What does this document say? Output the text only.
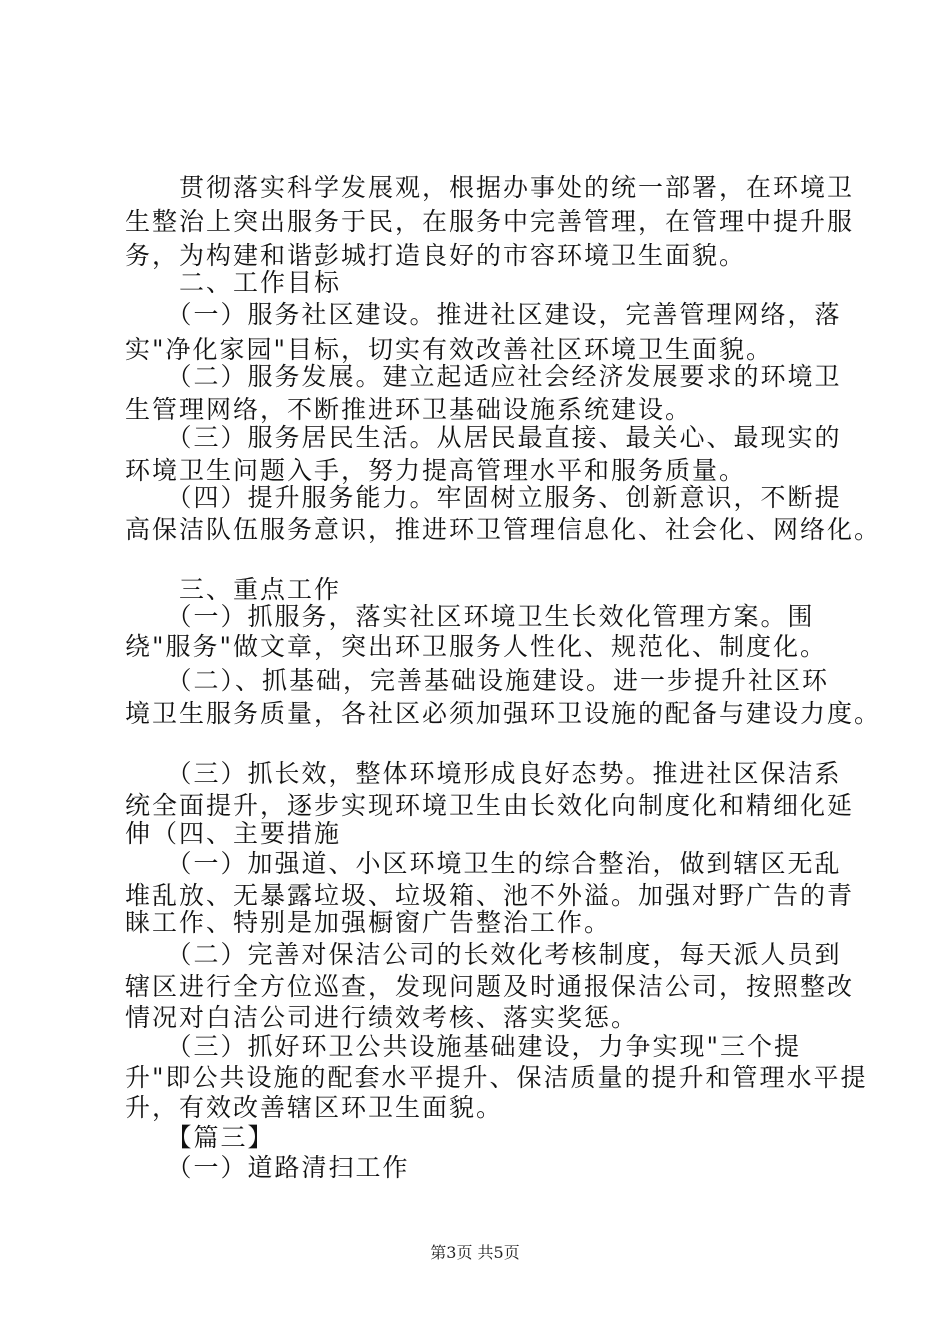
　　贯彻落实科学发展观，根据办事处的统一部署，在环境卫
生整治上突出服务于民，在服务中完善管理，在管理中提升服
务，为构建和谐彭城打造良好的市容环境卫生面貌。
　　二、工作目标
　　（一）服务社区建设。推进社区建设，完善管理网络，落
实"净化家园"目标，切实有效改善社区环境卫生面貌。
　　（二）服务发展。建立起适应社会经济发展要求的环境卫
生管理网络，不断推进环卫基础设施系统建设。
　　（三）服务居民生活。从居民最直接、最关心、最现实的
环境卫生问题入手，努力提高管理水平和服务质量。
　　（四）提升服务能力。牢固树立服务、创新意识，不断提
高保洁队伍服务意识，推进环卫管理信息化、社会化、网络化。
　　三、重点工作
　　（一）抓服务，落实社区环境卫生长效化管理方案。围
绕"服务"做文章，突出环卫服务人性化、规范化、制度化。
　　（二）、抓基础，完善基础设施建设。进一步提升社区环
境卫生服务质量，各社区必须加强环卫设施的配备与建设力度。
　　（三）抓长效，整体环境形成良好态势。推进社区保洁系
统全面提升，逐步实现环境卫生由长效化向制度化和精细化延
伸（四、主要措施
　　（一）加强道、小区环境卫生的综合整治，做到辖区无乱
堆乱放、无暴露垃圾、垃圾箱、池不外溢。加强对野广告的青
睐工作、特别是加强橱窗广告整治工作。
　　（二）完善对保洁公司的长效化考核制度，每天派人员到
辖区进行全方位巡查，发现问题及时通报保洁公司，按照整改
情况对白洁公司进行绩效考核、落实奖惩。
　　（三）抓好环卫公共设施基础建设，力争实现"三个提
升"即公共设施的配套水平提升、保洁质量的提升和管理水平提
升，有效改善辖区环卫生面貌。
　　【篇三】
　　（一）道路清扫工作
第3页 共5页
